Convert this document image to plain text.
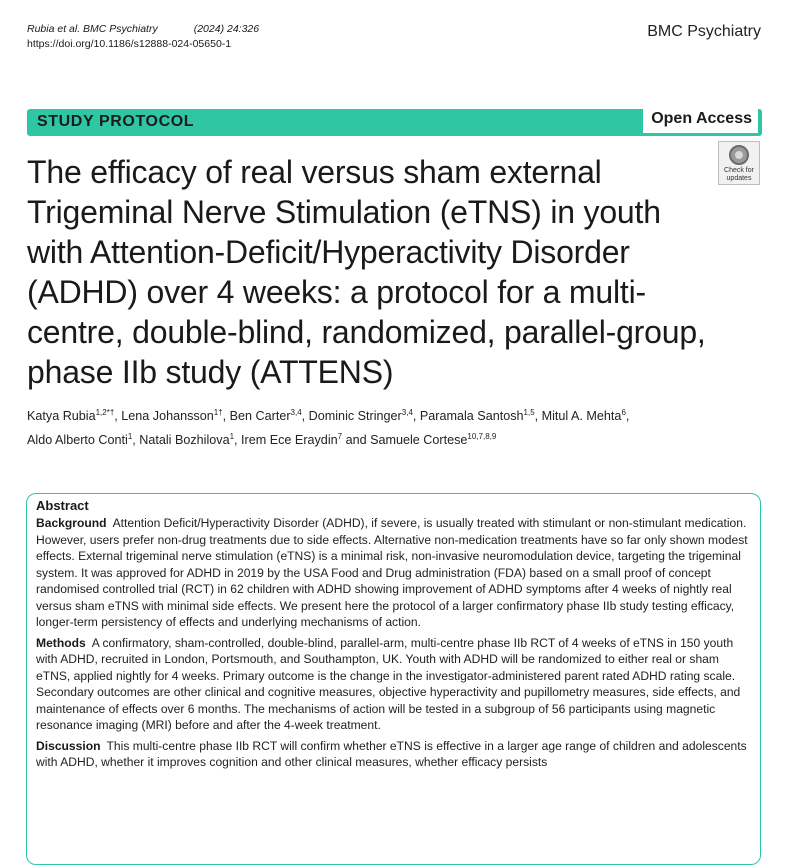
Rubia et al. BMC Psychiatry	(2024) 24:326
https://doi.org/10.1186/s12888-024-05650-1
BMC Psychiatry
STUDY PROTOCOL	Open Access
The efficacy of real versus sham external Trigeminal Nerve Stimulation (eTNS) in youth with Attention-Deficit/Hyperactivity Disorder (ADHD) over 4 weeks: a protocol for a multi-centre, double-blind, randomized, parallel-group, phase IIb study (ATTENS)
Check for updates

Katya Rubia$^{1,2*\dagger}$, Lena Johansson$^{1\dagger}$, Ben Carter$^{3,4}$, Dominic Stringer$^{3,4}$, Paramala Santosh$^{1,5}$, Mitul A. Mehta$^6$,
Aldo Alberto Conti$^1$, Natali Bozhilova$^1$, Irem Ece Eraydin$^7$ and Samuele Cortese$^{10,7,8,9}$

Abstract

Background Attention Deficit/Hyperactivity Disorder (ADHD), if severe, is usually treated with stimulant or non-stimulant medication. However, users prefer non-drug treatments due to side effects. Alternative non-medication treatments have so far only shown modest effects. External trigeminal nerve stimulation (eTNS) is a minimal risk, non-invasive neuromodulation device, targeting the trigeminal system. It was approved for ADHD in 2019 by the USA Food and Drug administration (FDA) based on a small proof of concept randomised controlled trial (RCT) in 62 children with ADHD showing improvement of ADHD symptoms after 4 weeks of nightly real versus sham eTNS with minimal side effects. We present here the protocol of a larger confirmatory phase IIb study testing efficacy, longer-term persistency of effects and underlying mechanisms of action.

Methods A confirmatory, sham-controlled, double-blind, parallel-arm, multi-centre phase IIb RCT of 4 weeks of eTNS in 150 youth with ADHD, recruited in London, Portsmouth, and Southampton, UK. Youth with ADHD will be randomized to either real or sham eTNS, applied nightly for 4 weeks. Primary outcome is the change in the investigator-administered parent rated ADHD rating scale. Secondary outcomes are other clinical and cognitive measures, objective hyperactivity and pupillometry measures, side effects, and maintenance of effects over 6 months. The mechanisms of action will be tested in a subgroup of 56 participants using magnetic resonance imaging (MRI) before and after the 4-week treatment.

Discussion This multi-centre phase IIb RCT will confirm whether eTNS is effective in a larger age range of children and adolescents with ADHD, whether it improves cognition and other clinical measures, whether efficacy persists
